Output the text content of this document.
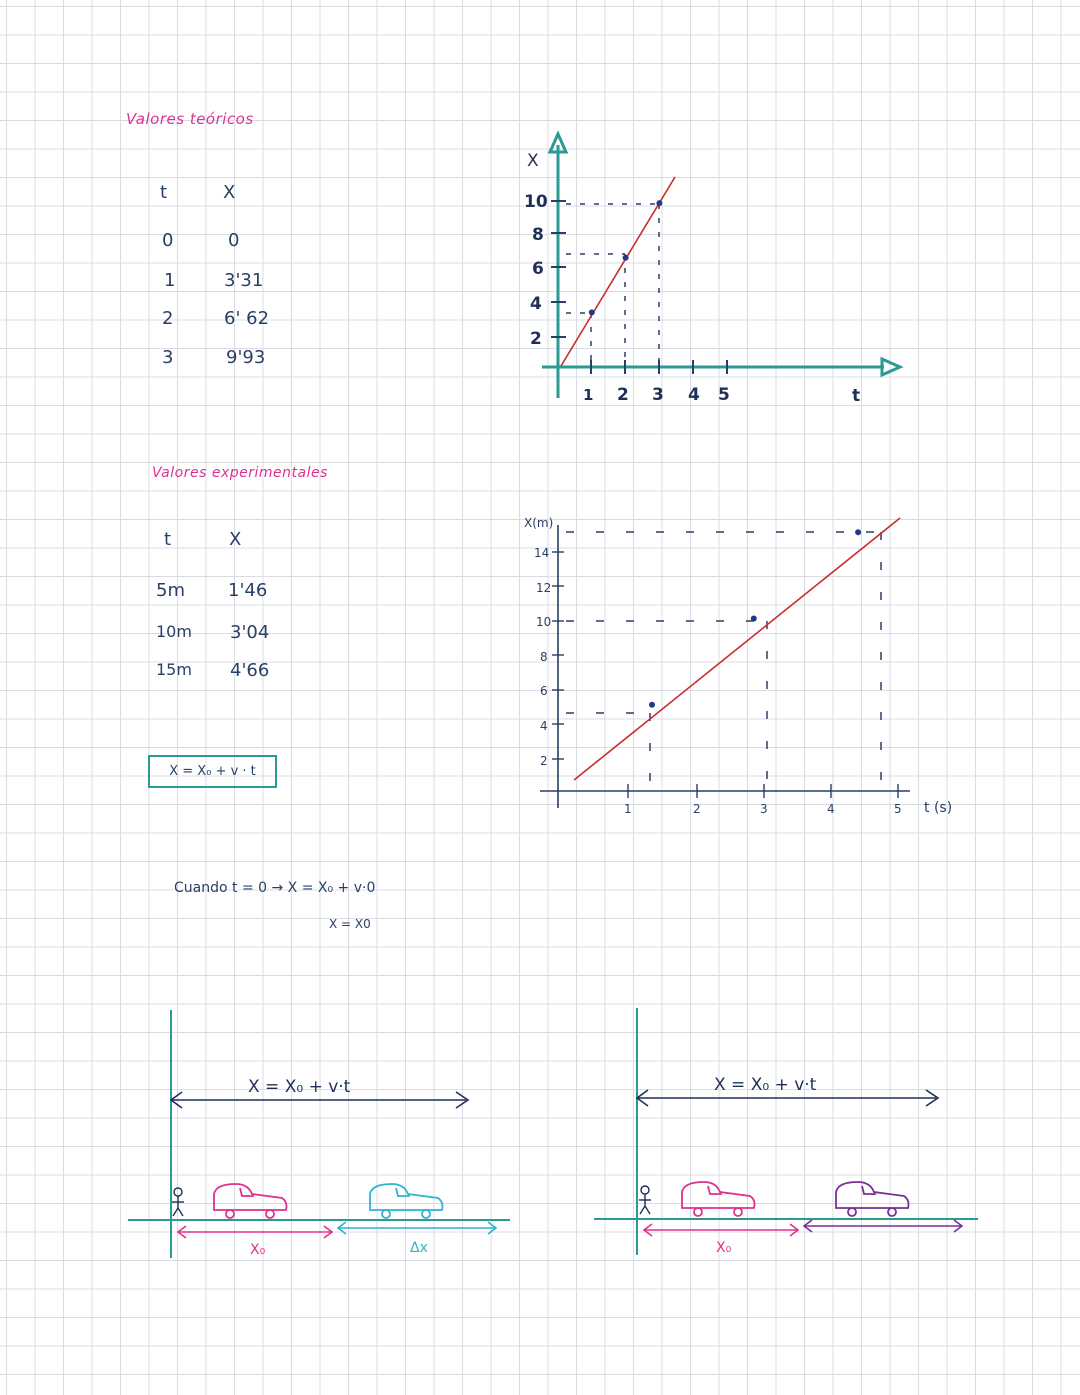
Valores teóricos
t	X
0	0
1	3'31
2	6' 62
3	9'93
Valores experimentales
t	X
5m 1'46
10m 3'04
15m 4'66
X = X₀ + v · t
Cuando t = 0 → X = X₀ + v·0
X = X0
X
t
2
4
6
8
10
1 2 3 4 5
X(m)
t (s)
2
4
6
8
10
12
14
1	2	3	4	5
X = X₀ + v·t
X₀	Δx
X = X₀ + v·t
X₀
